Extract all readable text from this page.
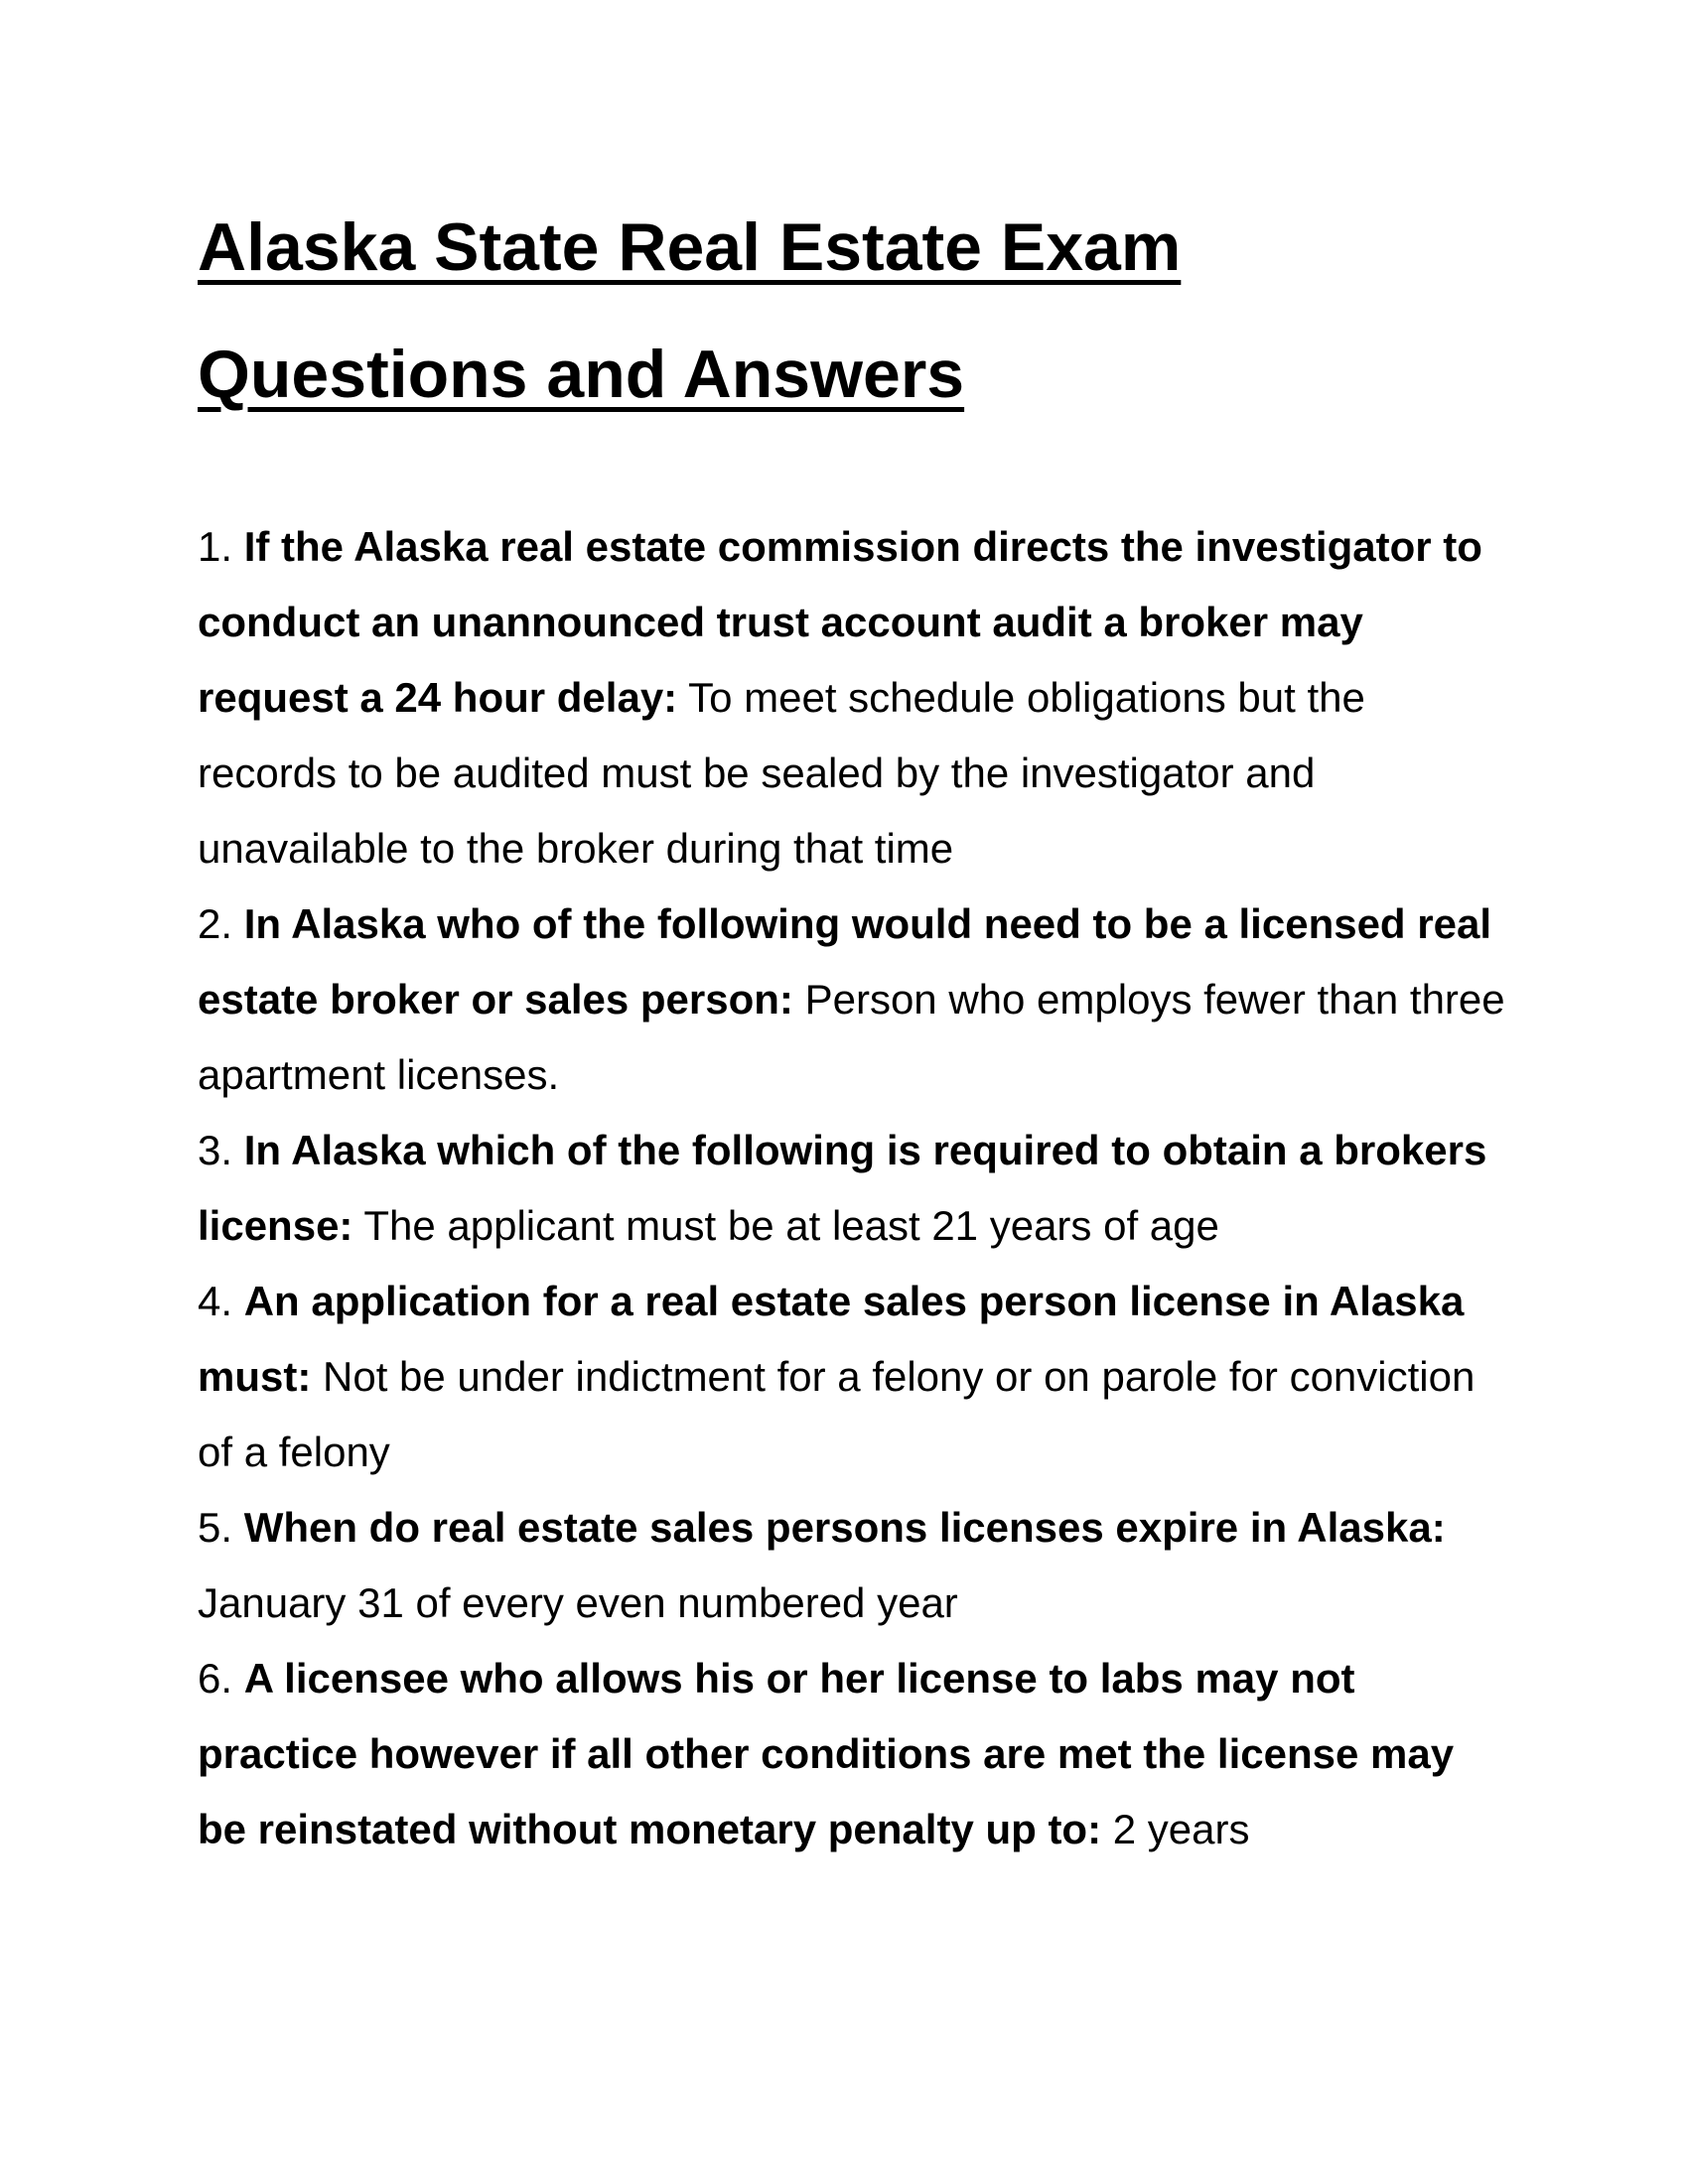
Alaska State Real Estate Exam
Questions and Answers
1. If the Alaska real estate commission directs the investigator to conduct an unannounced trust account audit a broker may request a 24 hour delay: To meet schedule obligations but the records to be audited must be sealed by the investigator and unavailable to the broker during that time
2. In Alaska who of the following would need to be a licensed real estate broker or sales person: Person who employs fewer than three apartment licenses.
3. In Alaska which of the following is required to obtain a brokers license: The applicant must be at least 21 years of age
4. An application for a real estate sales person license in Alaska must: Not be under indictment for a felony or on parole for conviction of a felony
5. When do real estate sales persons licenses expire in Alaska: January 31 of every even numbered year
6. A licensee who allows his or her license to labs may not practice however if all other conditions are met the license may be reinstated without monetary penalty up to: 2 years
